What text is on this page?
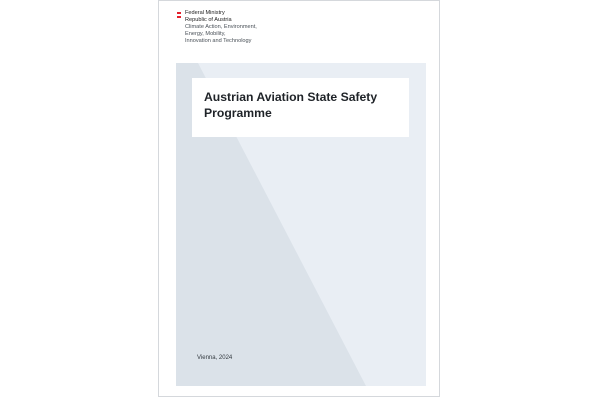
Federal Ministry
Republic of Austria
Climate Action, Environment,
Energy, Mobility,
Innovation and Technology
Austrian Aviation State Safety Programme
Vienna, 2024
